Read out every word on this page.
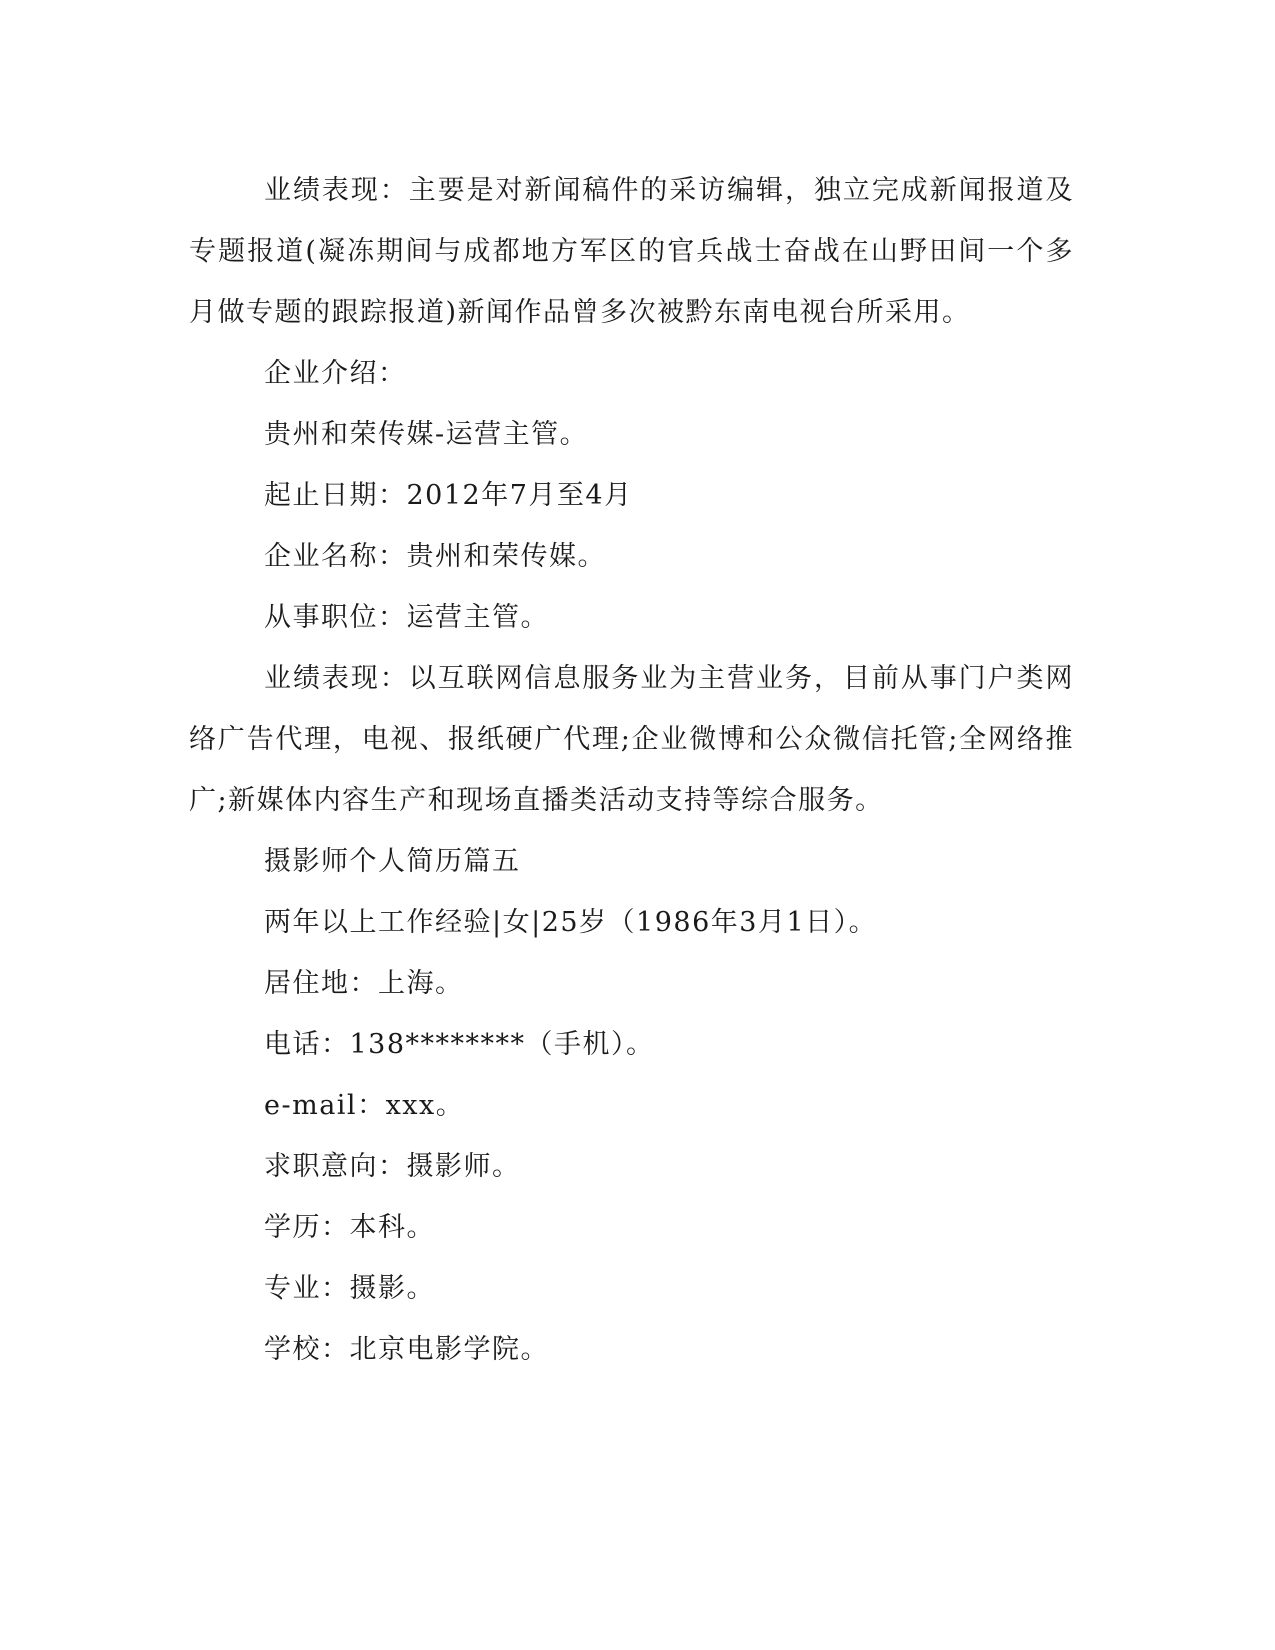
业绩表现：主要是对新闻稿件的采访编辑，独立完成新闻报道及专题报道(凝冻期间与成都地方军区的官兵战士奋战在山野田间一个多月做专题的跟踪报道)新闻作品曾多次被黔东南电视台所采用。

企业介绍：

贵州和荣传媒-运营主管。

起止日期：2012年7月至4月

企业名称：贵州和荣传媒。

从事职位：运营主管。

业绩表现：以互联网信息服务业为主营业务，目前从事门户类网络广告代理，电视、报纸硬广代理;企业微博和公众微信托管;全网络推广;新媒体内容生产和现场直播类活动支持等综合服务。

摄影师个人简历篇五

两年以上工作经验|女|25岁（1986年3月1日）。

居住地：上海。

电话：138********（手机）。

e-mail：xxx。

求职意向：摄影师。

学历：本科。

专业：摄影。

学校：北京电影学院。
